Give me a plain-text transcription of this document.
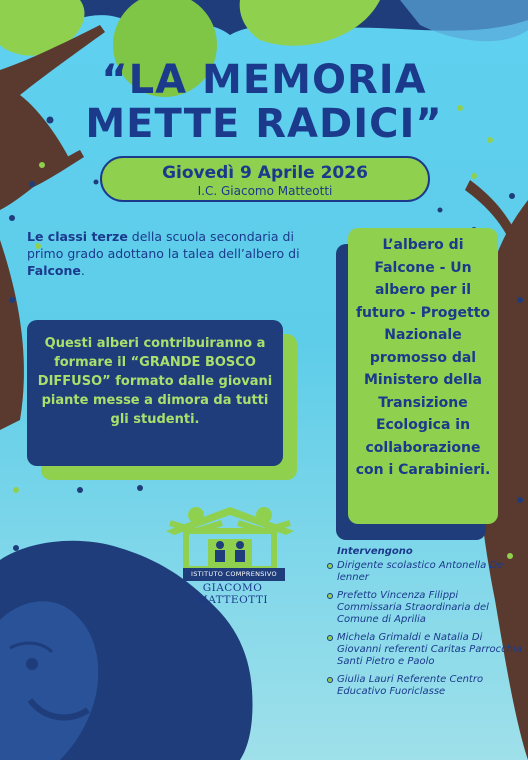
“LA MEMORIA
METTE RADICI”
Giovedì 9 Aprile 2026
I.C. Giacomo Matteotti
Le classi terze della scuola secondaria di primo grado adottano la talea dell’albero di Falcone.
Questi alberi contribuiranno a formare il “GRANDE BOSCO DIFFUSO” formato dalle giovani piante messe a dimora da tutti gli studenti.
L’albero di Falcone - Un albero per il futuro - Progetto Nazionale promosso dal Ministero della Transizione Ecologica in collaborazione con i Carabinieri.
ISTITUTO COMPRENSIVO
GIACOMO MATTEOTTI
Intervengono
Dirigente scolastico Antonella De lenner
Prefetto Vincenza Filippi Commissaria Straordinaria del Comune di Aprilia
Michela Grimaldi e Natalia Di Giovanni referenti Caritas Parrocchia Santi Pietro e Paolo
Giulia Lauri Referente Centro Educativo Fuoriclasse
